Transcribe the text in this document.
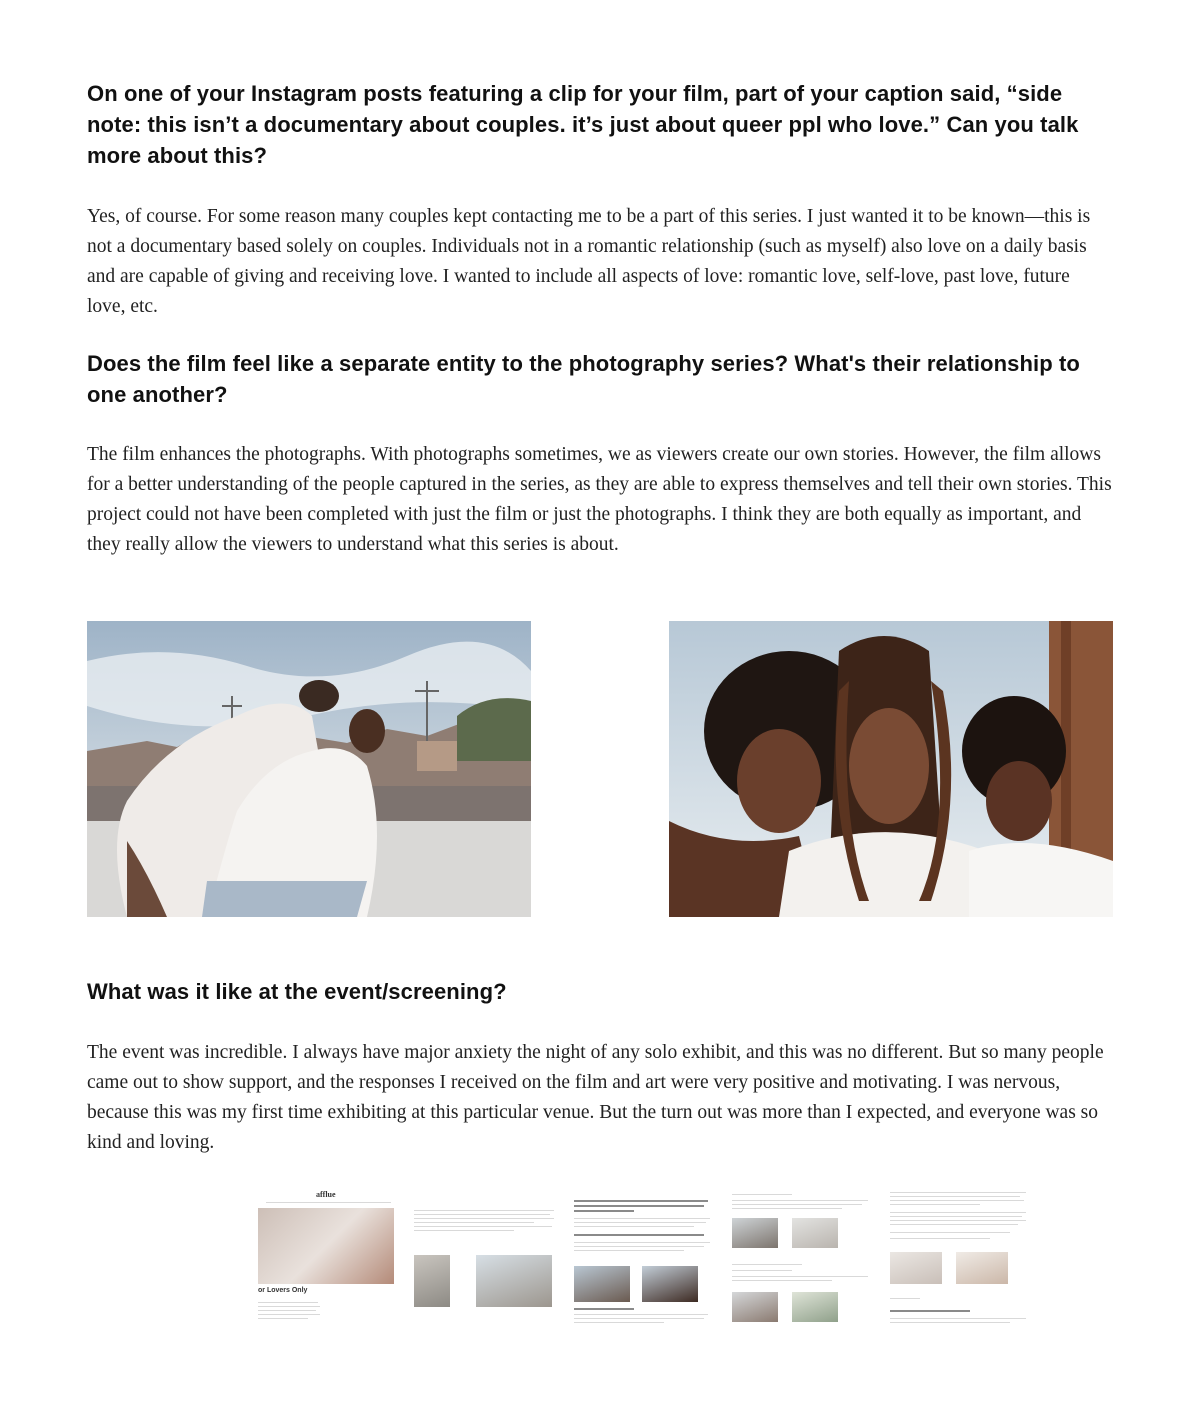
On one of your Instagram posts featuring a clip for your film, part of your caption said, “side note: this isn’t a documentary about couples. it’s just about queer ppl who love.” Can you talk more about this?

Yes, of course. For some reason many couples kept contacting me to be a part of this series. I just wanted it to be known—this is not a documentary based solely on couples. Individuals not in a romantic relationship (such as myself) also love on a daily basis and are capable of giving and receiving love. I wanted to include all aspects of love: romantic love, self-love, past love, future love, etc.

Does the film feel like a separate entity to the photography series? What's their relationship to one another?

The film enhances the photographs. With photographs sometimes, we as viewers create our own stories. However, the film allows for a better understanding of the people captured in the series, as they are able to express themselves and tell their own stories. This project could not have been completed with just the film or just the photographs. I think they are both equally as important, and they really allow the viewers to understand what this series is about.

What was it like at the event/screening?

The event was incredible. I always have major anxiety the night of any solo exhibit, and this was no different. But so many people came out to show support, and the responses I received on the film and art were very positive and motivating. I was nervous, because this was my first time exhibiting at this particular venue. But the turn out was more than I expected, and everyone was so kind and loving.

afflue
or Lovers Only
